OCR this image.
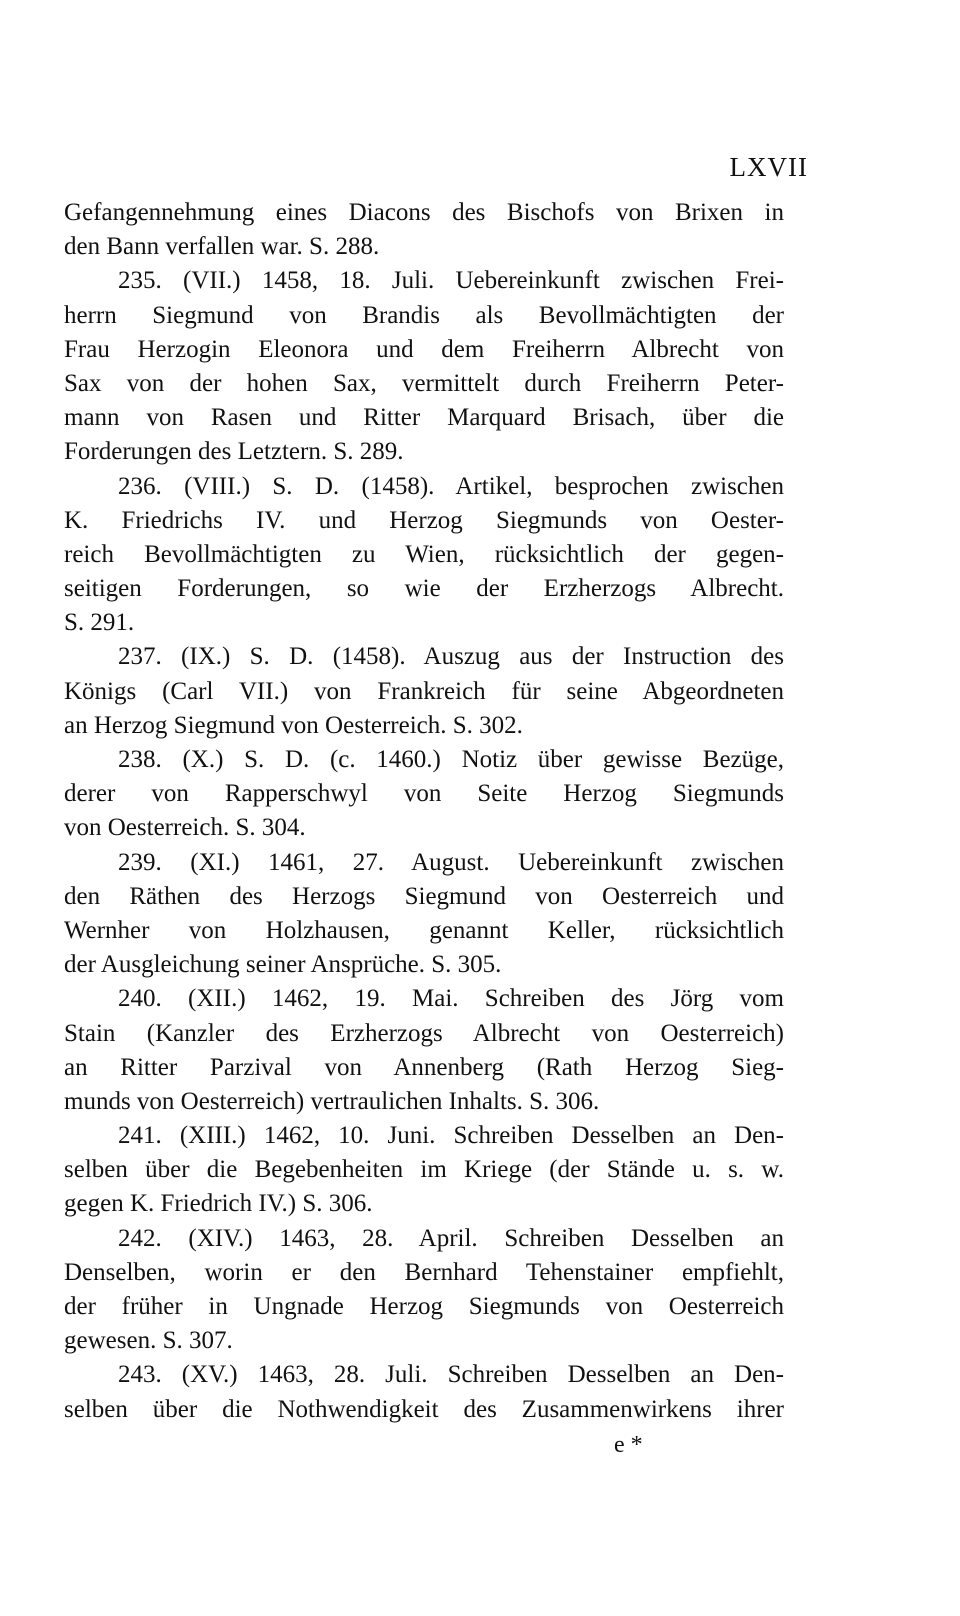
LXVII
Gefangennehmung eines Diacons des Bischofs von Brixen in
den Bann verfallen war. S. 288.
235. (VII.) 1458, 18. Juli. Uebereinkunft zwischen Frei-
herrn Siegmund von Brandis als Bevollmächtigten der
Frau Herzogin Eleonora und dem Freiherrn Albrecht von
Sax von der hohen Sax, vermittelt durch Freiherrn Peter-
mann von Rasen und Ritter Marquard Brisach, über die
Forderungen des Letztern. S. 289.
236. (VIII.) S. D. (1458). Artikel, besprochen zwischen
K. Friedrichs IV. und Herzog Siegmunds von Oester-
reich Bevollmächtigten zu Wien, rücksichtlich der gegen-
seitigen Forderungen, so wie der Erzherzogs Albrecht.
S. 291.
237. (IX.) S. D. (1458). Auszug aus der Instruction des
Königs (Carl VII.) von Frankreich für seine Abgeordneten
an Herzog Siegmund von Oesterreich. S. 302.
238. (X.) S. D. (c. 1460.) Notiz über gewisse Bezüge,
derer von Rapperschwyl von Seite Herzog Siegmunds
von Oesterreich. S. 304.
239. (XI.) 1461, 27. August. Uebereinkunft zwischen
den Räthen des Herzogs Siegmund von Oesterreich und
Wernher von Holzhausen, genannt Keller, rücksichtlich
der Ausgleichung seiner Ansprüche. S. 305.
240. (XII.) 1462, 19. Mai. Schreiben des Jörg vom
Stain (Kanzler des Erzherzogs Albrecht von Oesterreich)
an Ritter Parzival von Annenberg (Rath Herzog Sieg-
munds von Oesterreich) vertraulichen Inhalts. S. 306.
241. (XIII.) 1462, 10. Juni. Schreiben Desselben an Den-
selben über die Begebenheiten im Kriege (der Stände u. s. w.
gegen K. Friedrich IV.) S. 306.
242. (XIV.) 1463, 28. April. Schreiben Desselben an
Denselben, worin er den Bernhard Tehenstainer empfiehlt,
der früher in Ungnade Herzog Siegmunds von Oesterreich
gewesen. S. 307.
243. (XV.) 1463, 28. Juli. Schreiben Desselben an Den-
selben über die Nothwendigkeit des Zusammenwirkens ihrer
e *
